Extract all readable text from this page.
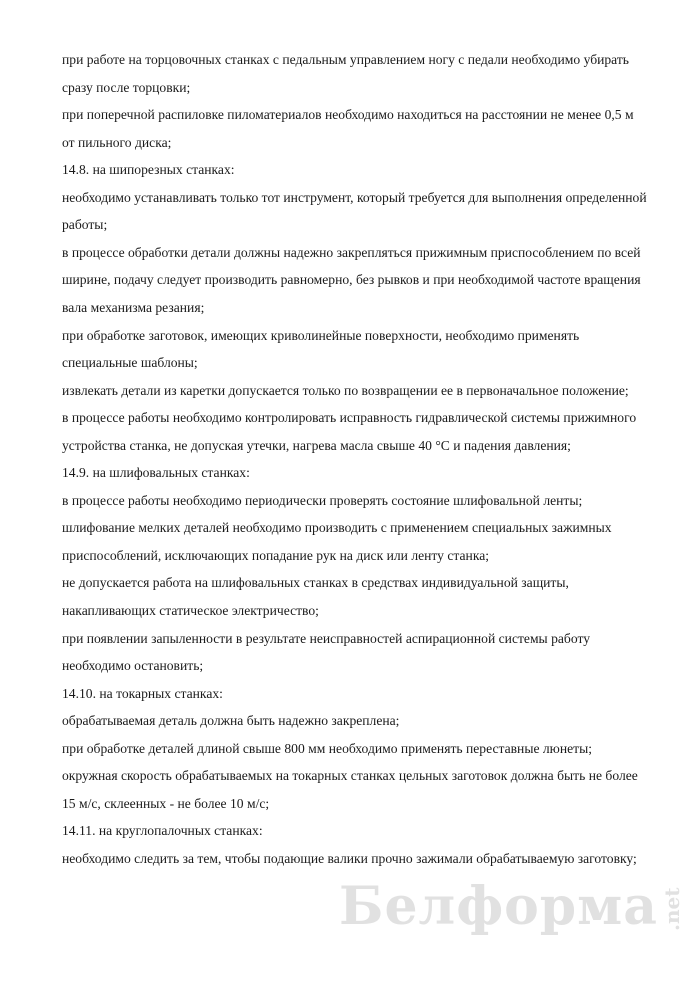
при работе на торцовочных станках с педальным управлением ногу с педали необходимо убирать
сразу после торцовки;
при поперечной распиловке пиломатериалов необходимо находиться на расстоянии не менее 0,5 м
от пильного диска;
14.8. на шипорезных станках:
необходимо устанавливать только тот инструмент, который требуется для выполнения определенной
работы;
в процессе обработки детали должны надежно закрепляться прижимным приспособлением по всей
ширине, подачу следует производить равномерно, без рывков и при необходимой частоте вращения
вала механизма резания;
при обработке заготовок, имеющих криволинейные поверхности, необходимо применять
специальные шаблоны;
извлекать детали из каретки допускается только по возвращении ее в первоначальное положение;
в процессе работы необходимо контролировать исправность гидравлической системы прижимного
устройства станка, не допуская утечки, нагрева масла свыше 40 °С и падения давления;
14.9. на шлифовальных станках:
в процессе работы необходимо периодически проверять состояние шлифовальной ленты;
шлифование мелких деталей необходимо производить с применением специальных зажимных
приспособлений, исключающих попадание рук на диск или ленту станка;
не допускается работа на шлифовальных станках в средствах индивидуальной защиты,
накапливающих статическое электричество;
при появлении запыленности в результате неисправностей аспирационной системы работу
необходимо остановить;
14.10. на токарных станках:
обрабатываемая деталь должна быть надежно закреплена;
при обработке деталей длиной свыше 800 мм необходимо применять переставные люнеты;
окружная скорость обрабатываемых на токарных станках цельных заготовок должна быть не более
15 м/с, склеенных - не более 10 м/с;
14.11. на круглопалочных станках:
необходимо следить за тем, чтобы подающие валики прочно зажимали обрабатываемую заготовку;
Белформа .net
